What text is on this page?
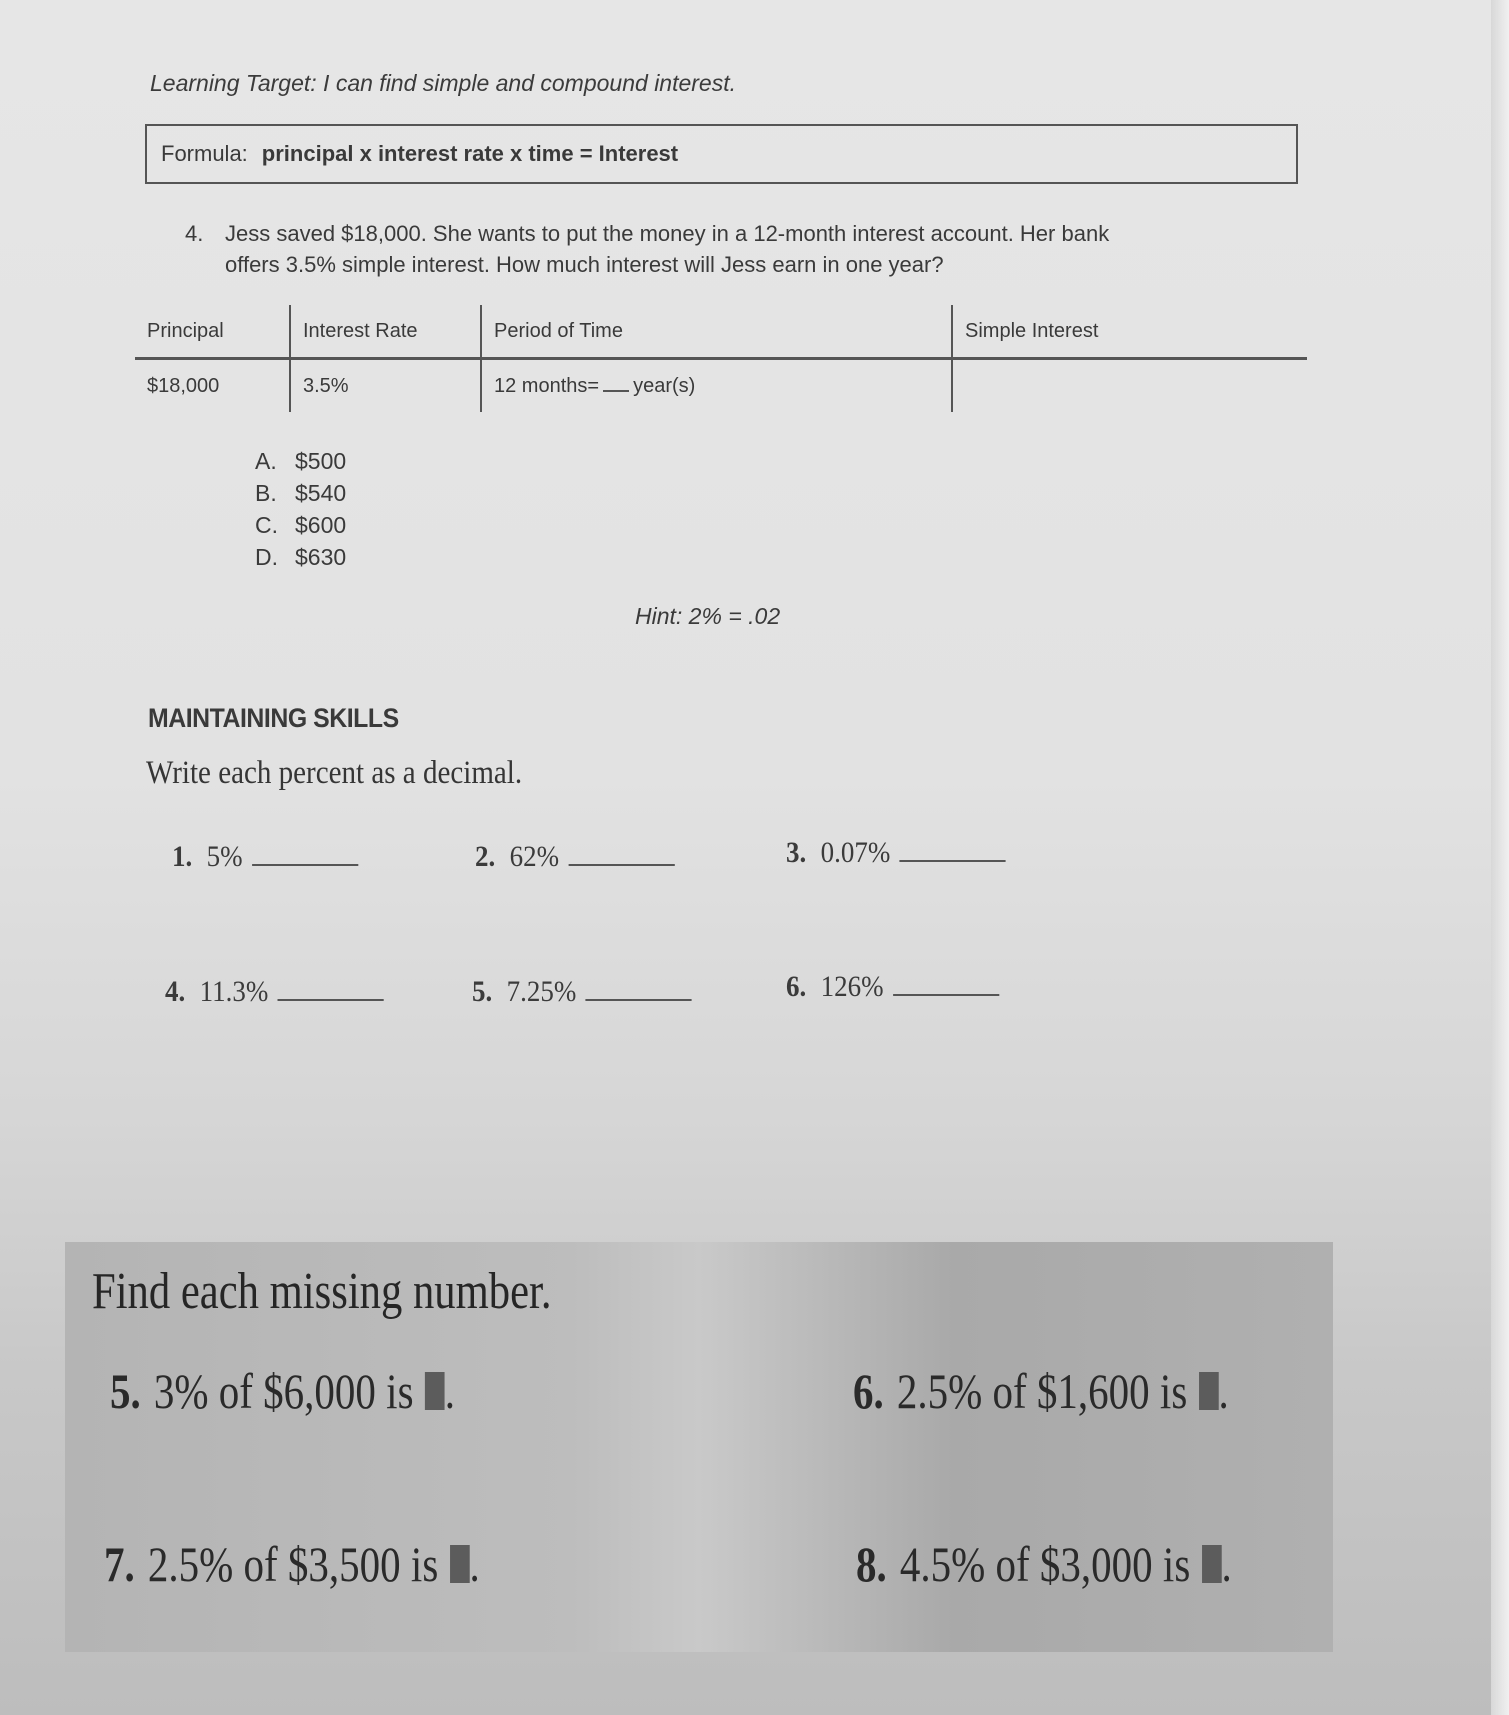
Learning Target: I can find simple and compound interest.
Formula: principal x interest rate x time = Interest
4. Jess saved $18,000. She wants to put the money in a 12-month interest account. Her bank
offers 3.5% simple interest. How much interest will Jess earn in one year?
Principal	Interest Rate	Period of Time	Simple Interest
$18,000	3.5%	12 months= year(s)	
A. $500
B. $540
C. $600
D. $630
Hint: 2% = .02
MAINTAINING SKILLS
Write each percent as a decimal.
1. 5%	2. 62%	3. 0.07%
4. 11.3%	5. 7.25%	6. 126%
Find each missing number.
5. 3% of $6,000 is .	6. 2.5% of $1,600 is .
7. 2.5% of $3,500 is .	8. 4.5% of $3,000 is .
